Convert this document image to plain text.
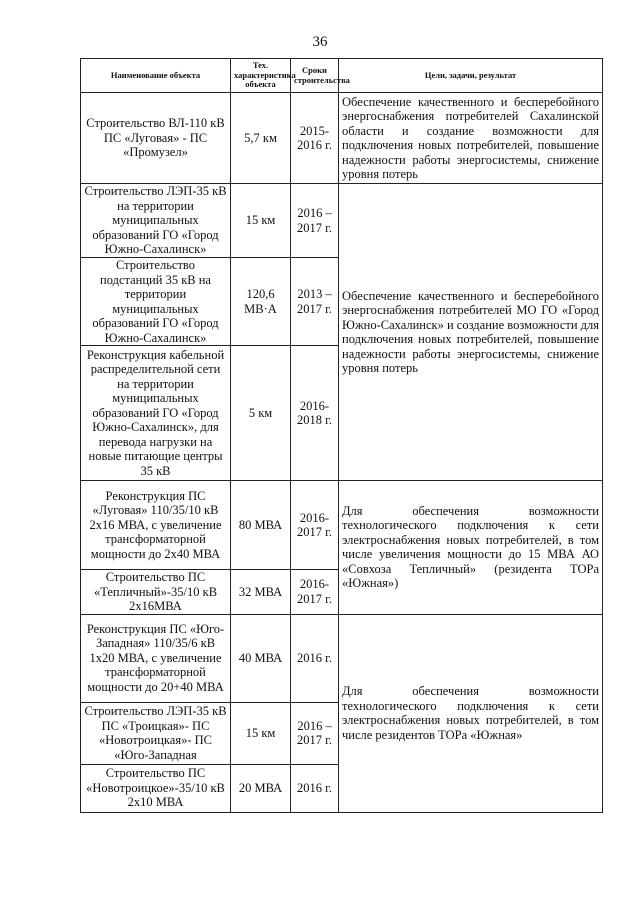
36
Наименование объекта	Тех. характеристика объекта	Сроки строительства	Цели, задачи, результат
Строительство ВЛ-110 кВ ПС «Луговая» - ПС «Промузел»	5,7 км	2015-2016 г.	Обеспечение качественного и бесперебойного энергоснабжения потребителей Сахалинской области и создание возможности для подключения новых потребителей, повышение надежности работы энергосистемы, снижение уровня потерь
Строительство ЛЭП-35 кВ на территории муниципальных образований ГО «Город Южно-Сахалинск»	15 км	2016 – 2017 г.	Обеспечение качественного и бесперебойного энергоснабжения потребителей МО ГО «Город Южно-Сахалинск» и создание возможности для подключения новых потребителей, повышение надежности работы энергосистемы, снижение уровня потерь
Строительство подстанций 35 кВ на территории муниципальных образований ГО «Город Южно-Сахалинск»	120,6 МВ·А	2013 – 2017 г.	
Реконструкция кабельной распределительной сети на территории муниципальных образований ГО «Город Южно-Сахалинск», для перевода нагрузки на новые питающие центры 35 кВ	5 км	2016-2018 г.	
Реконструкция ПС «Луговая» 110/35/10 кВ 2х16 МВА, с увеличение трансформаторной мощности до 2х40 МВА	80 МВА	2016-2017 г.	Для обеспечения возможности технологического подключения к сети электроснабжения новых потребителей, в том числе увеличения мощности до 15 МВА АО «Совхоза Тепличный» (резидента ТОРа «Южная»)
Строительство ПС «Тепличный»-35/10 кВ 2х16МВА	32 МВА	2016-2017 г.	
Реконструкция ПС «Юго-Западная» 110/35/6 кВ 1х20 МВА, с увеличение трансформаторной мощности до 20+40 МВА	40 МВА	2016 г.	Для обеспечения возможности технологического подключения к сети электроснабжения новых потребителей, в том числе резидентов ТОРа «Южная»
Строительство ЛЭП-35 кВ ПС «Троицкая»- ПС «Новотроицкая»- ПС «Юго-Западная	15 км	2016 – 2017 г.	
Строительство ПС «Новотроицкое»-35/10 кВ 2х10 МВА	20 МВА	2016 г.	
